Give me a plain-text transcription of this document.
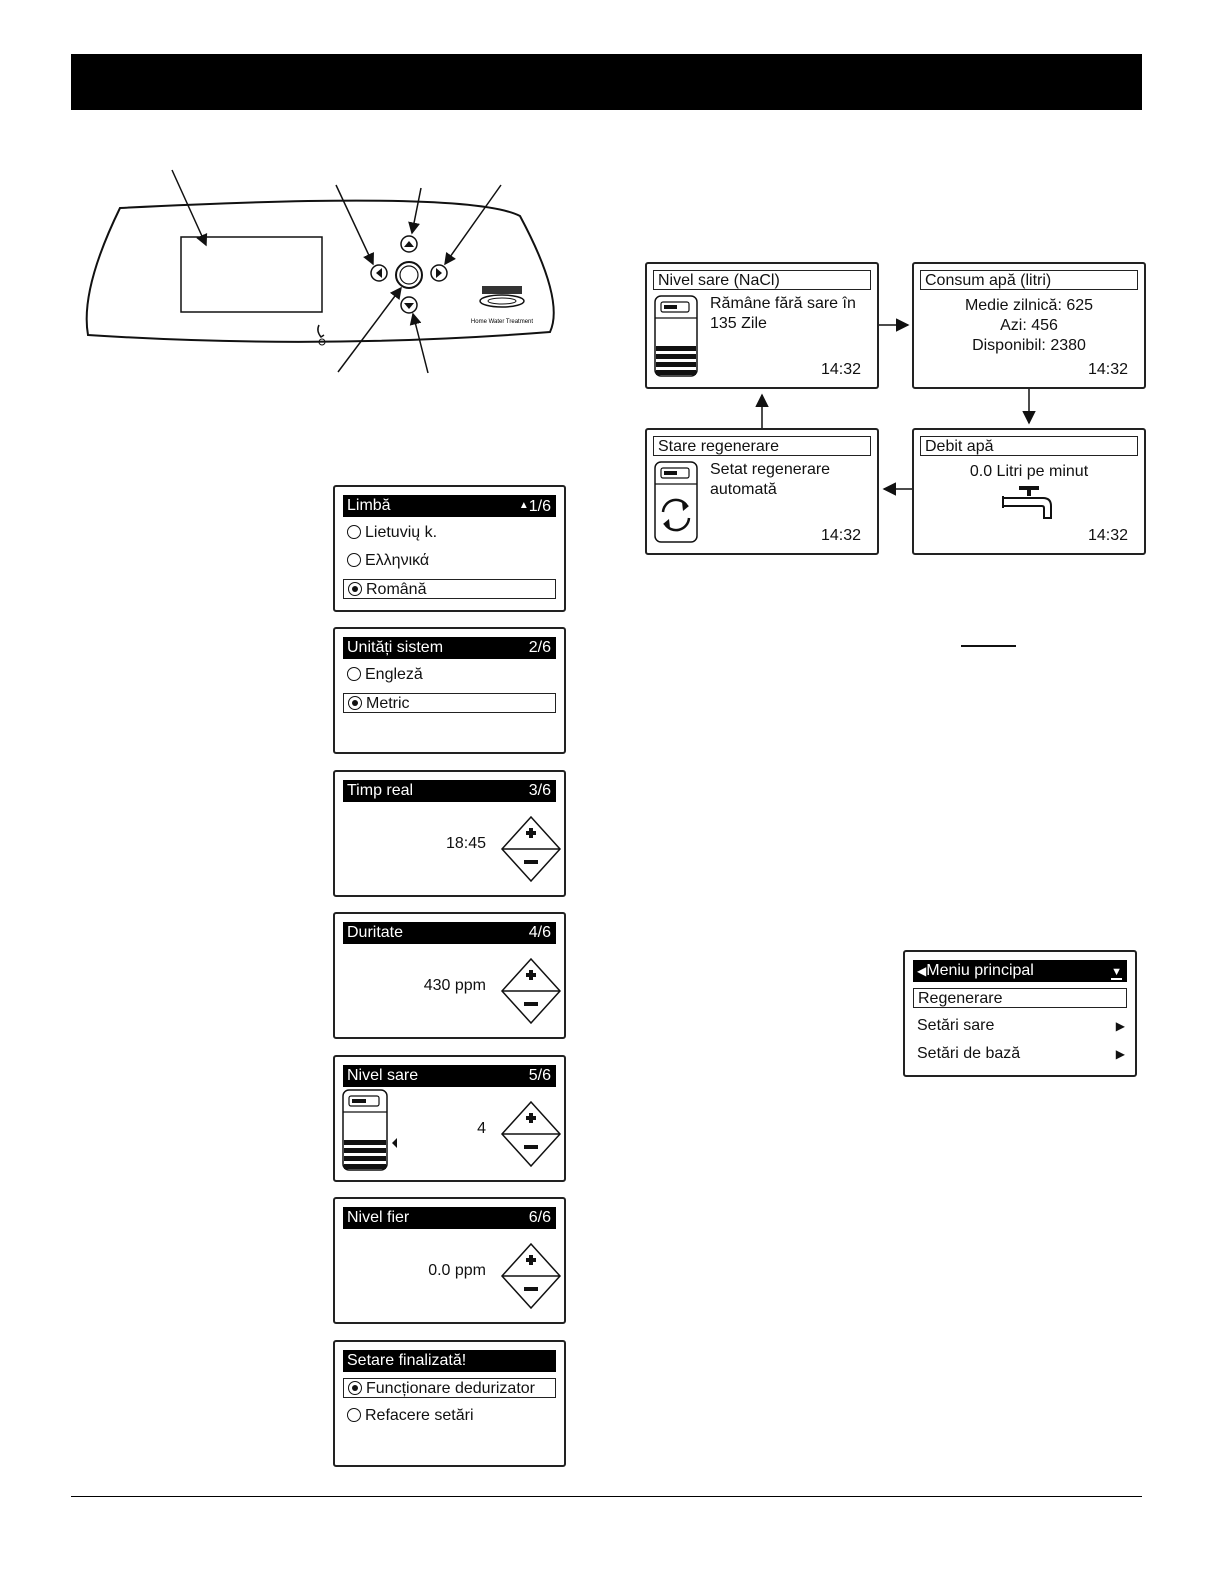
Home Water Treatment
Limbă	▲1/6
Lietuvių k.
Ελληνικά
Română
Unități sistem	2/6
Engleză
Metric
Timp real	3/6
18:45
Duritate	4/6
430 ppm
Nivel sare	5/6
4
Nivel fier	6/6
0.0 ppm
Setare finalizată!
Funcționare dedurizator
Refacere setări
Nivel sare (NaCl)
Rămâne fără sare în
135 Zile
14:32
Consum apă (litri)
Medie zilnică: 625
Azi: 456
Disponibil: 2380
14:32
Stare regenerare
Setat regenerare
automată
14:32
Debit apă
0.0 Litri pe minut
14:32
◀Meniu principal	▼
Regenerare
Setări sare	▶
Setări de bază	▶
